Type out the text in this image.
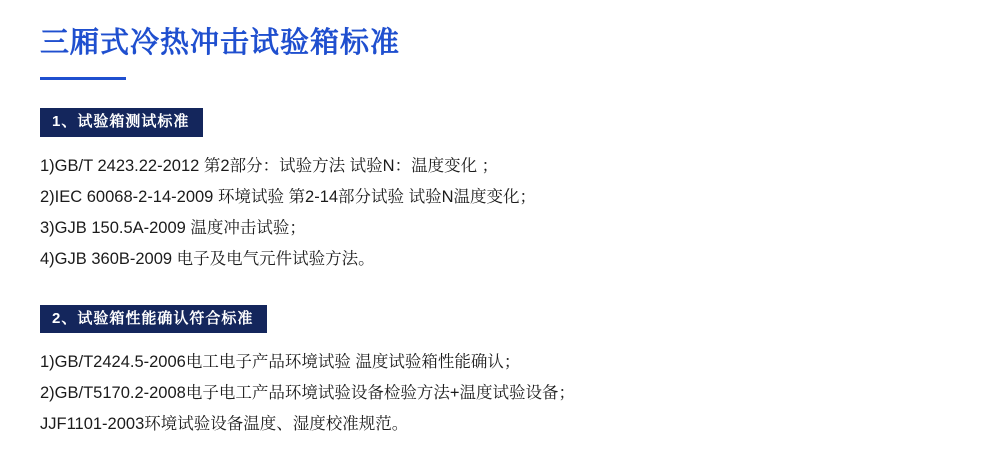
三厢式冷热冲击试验箱标准
1、试验箱测试标准
1)GB/T 2423.22-2012 第2部分：试验方法 试验N：温度变化 ；
2)IEC 60068-2-14-2009 环境试验 第2-14部分试验 试验N温度变化；
3)GJB 150.5A-2009 温度冲击试验；
4)GJB 360B-2009 电子及电气元件试验方法。
2、试验箱性能确认符合标准
1)GB/T2424.5-2006电工电子产品环境试验 温度试验箱性能确认；
2)GB/T5170.2-2008电子电工产品环境试验设备检验方法+温度试验设备；
JJF1101-2003环境试验设备温度、湿度校准规范。
